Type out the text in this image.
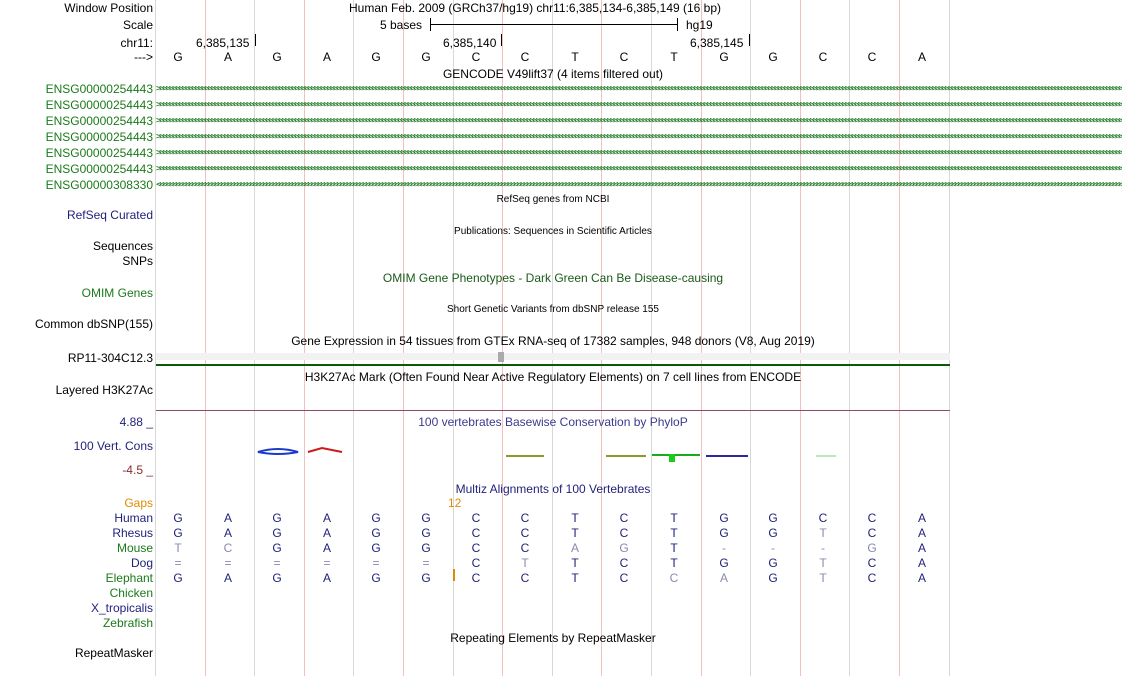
Window Position
Scale
chr11:
--->
Human Feb. 2009 (GRCh37/hg19) chr11:6,385,134-6,385,149 (16 bp)
5 bases	hg19
6,385,135	6,385,140	6,385,145
G	A	G	A	G	G	C	C	T	C	T	G	G	C	C	A
GENCODE V49lift37 (4 items filtered out)
ENSG00000254443 >>>>>>>>>>>>>>>>>>>>>>>>>>>>>>>>>>>>>>>>>>>>>>>>>>>>>>>>>>>>>>>>>>>>>>>>>>>>>>>>>>>>>>>>>>>>>>>>>>>>>>>>>>>>>>>>>>>>>>>>>>>>>>>>>>>>>>>>>>>>>>>>>>>>>>>>>>>>>>>>>>>>>>>>>>>>>>>>>>>>>>>>>>>>>>>>>>>>>>>>>>>>>>>>>>>>>>>>>>>>>>>>>>>>>>>>>>>>>>>>>>>>>>>>>>>>>>>>>>>>>>>>>>>>>>>>>>>>>>>>>>>>>>>>>>>>>>>>>>>>
ENSG00000254443 >>>>>>>>>>>>>>>>>>>>>>>>>>>>>>>>>>>>>>>>>>>>>>>>>>>>>>>>>>>>>>>>>>>>>>>>>>>>>>>>>>>>>>>>>>>>>>>>>>>>>>>>>>>>>>>>>>>>>>>>>>>>>>>>>>>>>>>>>>>>>>>>>>>>>>>>>>>>>>>>>>>>>>>>>>>>>>>>>>>>>>>>>>>>>>>>>>>>>>>>>>>>>>>>>>>>>>>>>>>>>>>>>>>>>>>>>>>>>>>>>>>>>>>>>>>>>>>>>>>>>>>>>>>>>>>>>>>>>>>>>>>>>>>>>>>>>>>>>>>>
ENSG00000254443 >>>>>>>>>>>>>>>>>>>>>>>>>>>>>>>>>>>>>>>>>>>>>>>>>>>>>>>>>>>>>>>>>>>>>>>>>>>>>>>>>>>>>>>>>>>>>>>>>>>>>>>>>>>>>>>>>>>>>>>>>>>>>>>>>>>>>>>>>>>>>>>>>>>>>>>>>>>>>>>>>>>>>>>>>>>>>>>>>>>>>>>>>>>>>>>>>>>>>>>>>>>>>>>>>>>>>>>>>>>>>>>>>>>>>>>>>>>>>>>>>>>>>>>>>>>>>>>>>>>>>>>>>>>>>>>>>>>>>>>>>>>>>>>>>>>>>>>>>>>>
ENSG00000254443 >>>>>>>>>>>>>>>>>>>>>>>>>>>>>>>>>>>>>>>>>>>>>>>>>>>>>>>>>>>>>>>>>>>>>>>>>>>>>>>>>>>>>>>>>>>>>>>>>>>>>>>>>>>>>>>>>>>>>>>>>>>>>>>>>>>>>>>>>>>>>>>>>>>>>>>>>>>>>>>>>>>>>>>>>>>>>>>>>>>>>>>>>>>>>>>>>>>>>>>>>>>>>>>>>>>>>>>>>>>>>>>>>>>>>>>>>>>>>>>>>>>>>>>>>>>>>>>>>>>>>>>>>>>>>>>>>>>>>>>>>>>>>>>>>>>>>>>>>>>>
ENSG00000254443 >>>>>>>>>>>>>>>>>>>>>>>>>>>>>>>>>>>>>>>>>>>>>>>>>>>>>>>>>>>>>>>>>>>>>>>>>>>>>>>>>>>>>>>>>>>>>>>>>>>>>>>>>>>>>>>>>>>>>>>>>>>>>>>>>>>>>>>>>>>>>>>>>>>>>>>>>>>>>>>>>>>>>>>>>>>>>>>>>>>>>>>>>>>>>>>>>>>>>>>>>>>>>>>>>>>>>>>>>>>>>>>>>>>>>>>>>>>>>>>>>>>>>>>>>>>>>>>>>>>>>>>>>>>>>>>>>>>>>>>>>>>>>>>>>>>>>>>>>>>>
ENSG00000254443 >>>>>>>>>>>>>>>>>>>>>>>>>>>>>>>>>>>>>>>>>>>>>>>>>>>>>>>>>>>>>>>>>>>>>>>>>>>>>>>>>>>>>>>>>>>>>>>>>>>>>>>>>>>>>>>>>>>>>>>>>>>>>>>>>>>>>>>>>>>>>>>>>>>>>>>>>>>>>>>>>>>>>>>>>>>>>>>>>>>>>>>>>>>>>>>>>>>>>>>>>>>>>>>>>>>>>>>>>>>>>>>>>>>>>>>>>>>>>>>>>>>>>>>>>>>>>>>>>>>>>>>>>>>>>>>>>>>>>>>>>>>>>>>>>>>>>>>>>>>>
ENSG00000308330 <<<<<<<<<<<<<<<<<<<<<<<<<<<<<<<<<<<<<<<<<<<<<<<<<<<<<<<<<<<<<<<<<<<<<<<<<<<<<<<<<<<<<<<<<<<<<<<<<<<<<<<<<<<<<<<<<<<<<<<<<<<<<<<<<<<<<<<<<<<<<<<<<<<<<<<<<<<<<<<<<<<<<<<<<<<<<<<<<<<<<<<<<<<<<<<<<<<<<<<<<<<<<<<<<<<<<<<<<<<<<<<<<<<<<<<<<<<<<<<<<<<<<<<<<<<<<<<<<<<<<<<<<<<<<<<<<<<<<<<<<<<<<<<<<<<<<<<<<<<<
RefSeq Curated
RefSeq genes from NCBI
Publications: Sequences in Scientific Articles
Sequences
SNPs
OMIM Gene Phenotypes - Dark Green Can Be Disease-causing
OMIM Genes
Short Genetic Variants from dbSNP release 155
Common dbSNP(155)
Gene Expression in 54 tissues from GTEx RNA-seq of 17382 samples, 948 donors (V8, Aug 2019)
RP11-304C12.3
H3K27Ac Mark (Often Found Near Active Regulatory Elements) on 7 cell lines from ENCODE
Layered H3K27Ac
4.88 _	100 vertebrates Basewise Conservation by PhyloP
100 Vert. Cons
-4.5 _
Multiz Alignments of 100 Vertebrates
Gaps	12
Human	G	A	G	A	G	G	C	C	T	C	T	G	G	C	C	A
Rhesus	G	A	G	A	G	G	C	C	T	C	T	G	G	T	C	A
Mouse	T	C	G	A	G	G	C	C	A	G	T	-	-	-	G	A
Dog	=	=	=	=	=	=	C	T	T	C	T	G	G	T	C	A
Elephant	G	A	G	A	G	G	C	C	T	C	C	A	G	T	C	A
Chicken
X_tropicalis
Zebrafish
Repeating Elements by RepeatMasker
RepeatMasker
